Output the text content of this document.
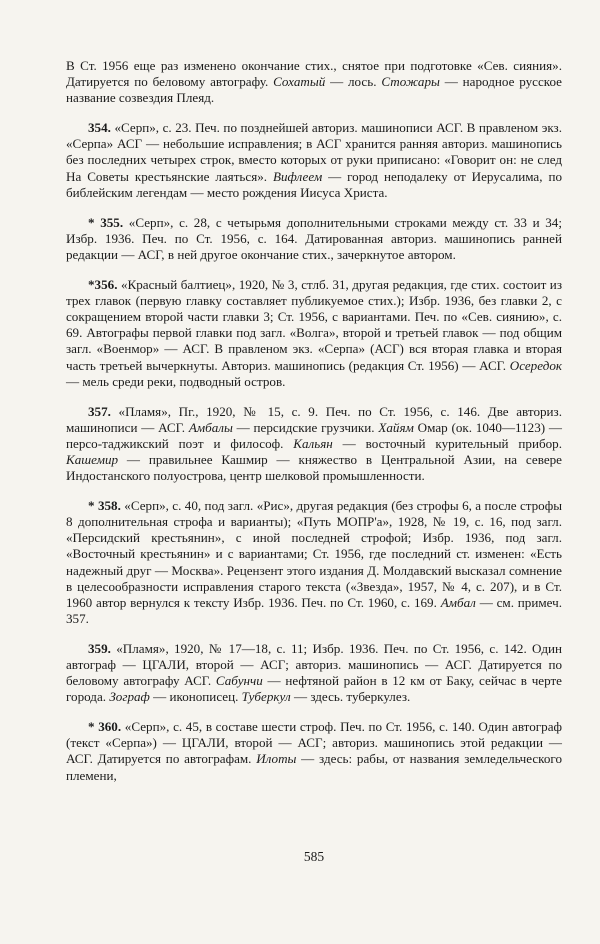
В Ст. 1956 еще раз изменено окончание стих., снятое при подготовке «Сев. сияния». Датируется по беловому автографу. Сохатый — лось. Стожары — народное русское название созвездия Плеяд.

354. «Серп», с. 23. Печ. по позднейшей авториз. машинописи АСГ. В правленом экз. «Серпа» АСГ — небольшие исправления; в АСГ хранится ранняя авториз. машинопись без последних четырех строк, вместо которых от руки приписано: «Говорит он: не след На Советы крестьянские лаяться». Вифлеем — город неподалеку от Иерусалима, по библейским легендам — место рождения Иисуса Христа.

* 355. «Серп», с. 28, с четырьмя дополнительными строками между ст. 33 и 34; Избр. 1936. Печ. по Ст. 1956, с. 164. Датированная авториз. машинопись ранней редакции — АСГ, в ней другое окончание стих., зачеркнутое автором.

*356. «Красный балтиец», 1920, № 3, стлб. 31, другая редакция, где стих. состоит из трех главок (первую главку составляет публикуемое стих.); Избр. 1936, без главки 2, с сокращением второй части главки 3; Ст. 1956, с вариантами. Печ. по «Сев. сиянию», с. 69. Автографы первой главки под загл. «Волга», второй и третьей главок — под общим загл. «Военмор» — АСГ. В правленом экз. «Серпа» (АСГ) вся вторая главка и вторая часть третьей вычеркнуты. Авториз. машинопись (редакция Ст. 1956) — АСГ. Осередок — мель среди реки, подводный остров.

357. «Пламя», Пг., 1920, № 15, с. 9. Печ. по Ст. 1956, с. 146. Две авториз. машинописи — АСГ. Амбалы — персидские грузчики. Хайям Омар (ок. 1040—1123) — персо-таджикский поэт и философ. Кальян — восточный курительный прибор. Кашемир — правильнее Кашмир — княжество в Центральной Азии, на севере Индостанского полуострова, центр шелковой промышленности.

* 358. «Серп», с. 40, под загл. «Рис», другая редакция (без строфы 6, а после строфы 8 дополнительная строфа и варианты); «Путь МОПР'а», 1928, № 19, с. 16, под загл. «Персидский крестьянин», с иной последней строфой; Избр. 1936, под загл. «Восточный крестьянин» и с вариантами; Ст. 1956, где последний ст. изменен: «Есть надежный друг — Москва». Рецензент этого издания Д. Молдавский высказал сомнение в целесообразности исправления старого текста («Звезда», 1957, № 4, с. 207), и в Ст. 1960 автор вернулся к тексту Избр. 1936. Печ. по Ст. 1960, с. 169. Амбал — см. примеч. 357.

359. «Пламя», 1920, № 17—18, с. 11; Избр. 1936. Печ. по Ст. 1956, с. 142. Один автограф — ЦГАЛИ, второй — АСГ; авториз. машинопись — АСГ. Датируется по беловому автографу АСГ. Сабунчи — нефтяной район в 12 км от Баку, сейчас в черте города. Зограф — иконописец. Туберкул — здесь. туберкулез.

* 360. «Серп», с. 45, в составе шести строф. Печ. по Ст. 1956, с. 140. Один автограф (текст «Серпа») — ЦГАЛИ, второй — АСГ; авториз. машинопись этой редакции — АСГ. Датируется по автографам. Илоты — здесь: рабы, от названия земледельческого племени,

585
